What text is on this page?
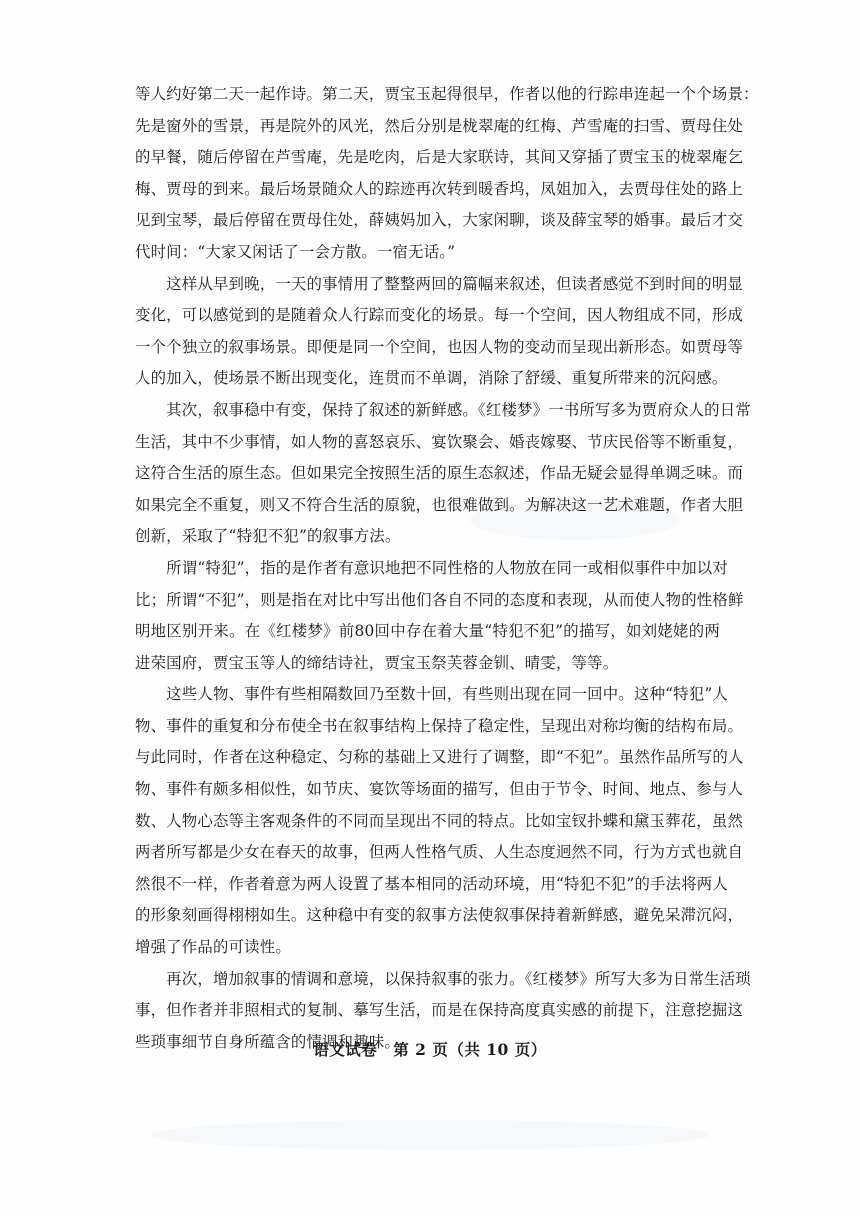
等人约好第二天一起作诗。第二天，贾宝玉起得很早，作者以他的行踪串连起一个个场景：
先是窗外的雪景，再是院外的风光，然后分别是栊翠庵的红梅、芦雪庵的扫雪、贾母住处
的早餐，随后停留在芦雪庵，先是吃肉，后是大家联诗，其间又穿插了贾宝玉的栊翠庵乞
梅、贾母的到来。最后场景随众人的踪迹再次转到暖香坞，凤姐加入，去贾母住处的路上
见到宝琴，最后停留在贾母住处，薛姨妈加入，大家闲聊，谈及薛宝琴的婚事。最后才交
代时间：“大家又闲话了一会方散。一宿无话。”
　　这样从早到晚，一天的事情用了整整两回的篇幅来叙述，但读者感觉不到时间的明显
变化，可以感觉到的是随着众人行踪而变化的场景。每一个空间，因人物组成不同，形成
一个个独立的叙事场景。即便是同一个空间，也因人物的变动而呈现出新形态。如贾母等
人的加入，使场景不断出现变化，连贯而不单调，消除了舒缓、重复所带来的沉闷感。
　　其次，叙事稳中有变，保持了叙述的新鲜感。《红楼梦》一书所写多为贾府众人的日常
生活，其中不少事情，如人物的喜怒哀乐、宴饮聚会、婚丧嫁娶、节庆民俗等不断重复，
这符合生活的原生态。但如果完全按照生活的原生态叙述，作品无疑会显得单调乏味。而
如果完全不重复，则又不符合生活的原貌，也很难做到。为解决这一艺术难题，作者大胆
创新，采取了“特犯不犯”的叙事方法。
　　所谓“特犯”，指的是作者有意识地把不同性格的人物放在同一或相似事件中加以对
比；所谓“不犯”，则是指在对比中写出他们各自不同的态度和表现，从而使人物的性格鲜
明地区别开来。在《红楼梦》前80回中存在着大量“特犯不犯”的描写，如刘姥姥的两
进荣国府，贾宝玉等人的缔结诗社，贾宝玉祭芙蓉金钏、晴雯，等等。
　　这些人物、事件有些相隔数回乃至数十回，有些则出现在同一回中。这种“特犯”人
物、事件的重复和分布使全书在叙事结构上保持了稳定性，呈现出对称均衡的结构布局。
与此同时，作者在这种稳定、匀称的基础上又进行了调整，即“不犯”。虽然作品所写的人
物、事件有颇多相似性，如节庆、宴饮等场面的描写，但由于节令、时间、地点、参与人
数、人物心态等主客观条件的不同而呈现出不同的特点。比如宝钗扑蝶和黛玉葬花，虽然
两者所写都是少女在春天的故事，但两人性格气质、人生态度迥然不同，行为方式也就自
然很不一样，作者着意为两人设置了基本相同的活动环境，用“特犯不犯”的手法将两人
的形象刻画得栩栩如生。这种稳中有变的叙事方法使叙事保持着新鲜感，避免呆滞沉闷，
增强了作品的可读性。
　　再次，增加叙事的情调和意境，以保持叙事的张力。《红楼梦》所写大多为日常生活琐
事，但作者并非照相式的复制、摹写生活，而是在保持高度真实感的前提下，注意挖掘这
些琐事细节自身所蕴含的情调和趣味。
语文试卷　第 2 页（共 10 页）
